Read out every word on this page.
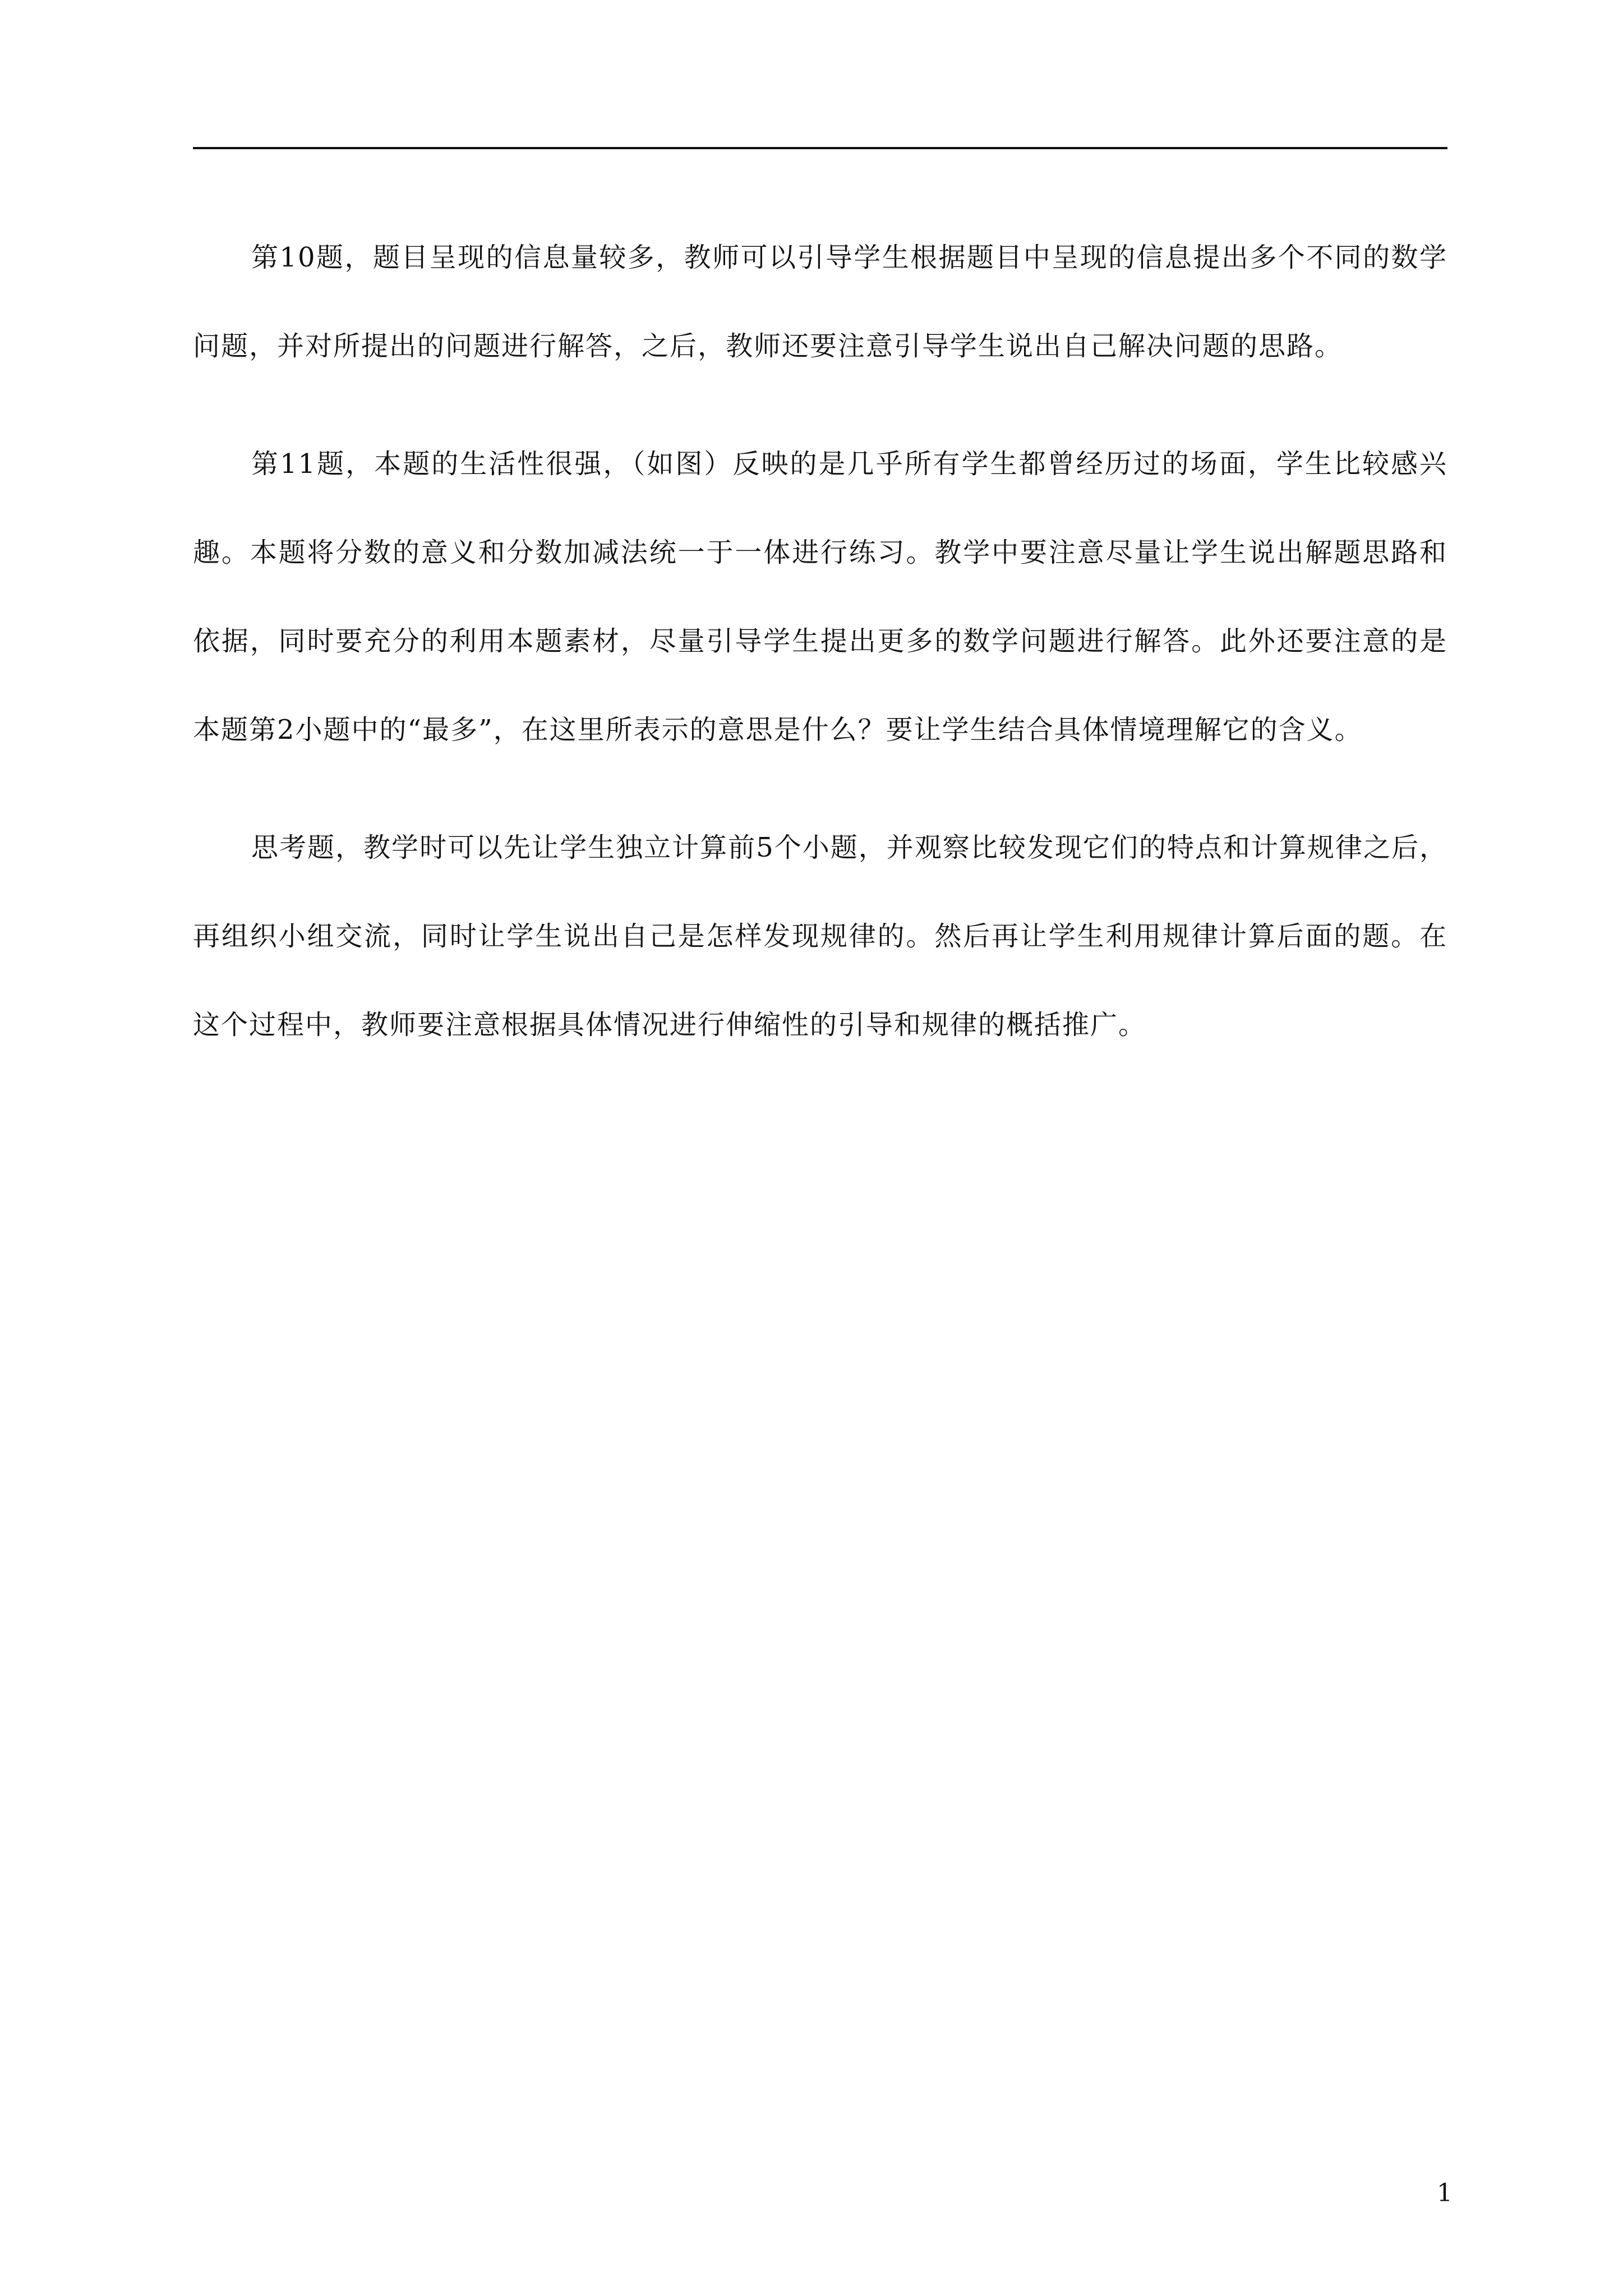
第10题，题目呈现的信息量较多，教师可以引导学生根据题目中呈现的信息提出多个不同的数学问题，并对所提出的问题进行解答，之后，教师还要注意引导学生说出自己解决问题的思路。

第11题，本题的生活性很强，（如图）反映的是几乎所有学生都曾经历过的场面，学生比较感兴趣。本题将分数的意义和分数加减法统一于一体进行练习。教学中要注意尽量让学生说出解题思路和依据，同时要充分的利用本题素材，尽量引导学生提出更多的数学问题进行解答。此外还要注意的是本题第2小题中的“最多”，在这里所表示的意思是什么？要让学生结合具体情境理解它的含义。

思考题，教学时可以先让学生独立计算前5个小题，并观察比较发现它们的特点和计算规律之后，再组织小组交流，同时让学生说出自己是怎样发现规律的。然后再让学生利用规律计算后面的题。在这个过程中，教师要注意根据具体情况进行伸缩性的引导和规律的概括推广。

1
